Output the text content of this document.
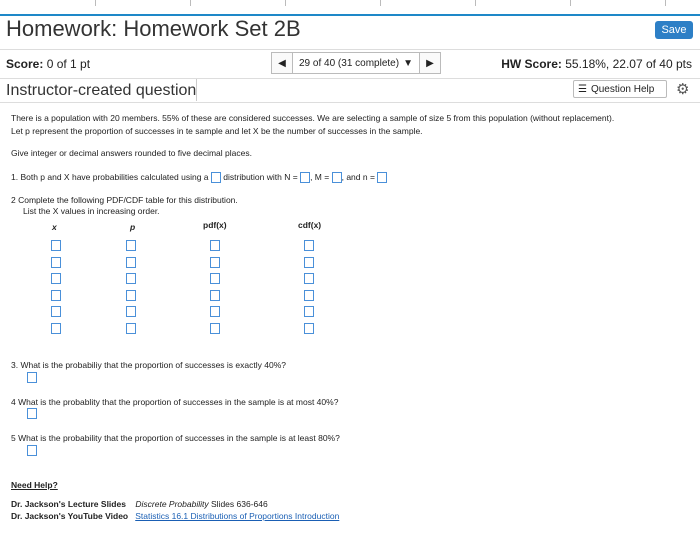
Homework: Homework Set 2B	Save
Score: 0 of 1 pt	◀ 29 of 40 (31 complete) ▼ ▶	HW Score: 55.18%, 22.07 of 40 pts
Instructor-created question	☰ Question Help ⚙
There is a population with 20 members. 55% of these are considered successes. We are selecting a sample of size 5 from this population (without replacement).
Let p represent the proportion of successes in te sample and let X be the number of successes in the sample.
Give integer or decimal answers rounded to five decimal places.
1. Both p and X have probabilities calculated using a distribution with N = , M = , and n =
2 Complete the following PDF/CDF table for this distribution.
List the X values in increasing order.
x	p	pdf(x)	cdf(x)
3. What is the probabiliy that the proportion of successes is exactly 40%?
4 What is the probablity that the proportion of successes in the sample is at most 40%?
5 What is the probability that the proportion of successes in the sample is at least 80%?
Need Help?
Dr. Jackson's Lecture Slides Discrete Probability Slides 636-646
Dr. Jackson's YouTube Video Statistics 16.1 Distributions of Proportions Introduction
